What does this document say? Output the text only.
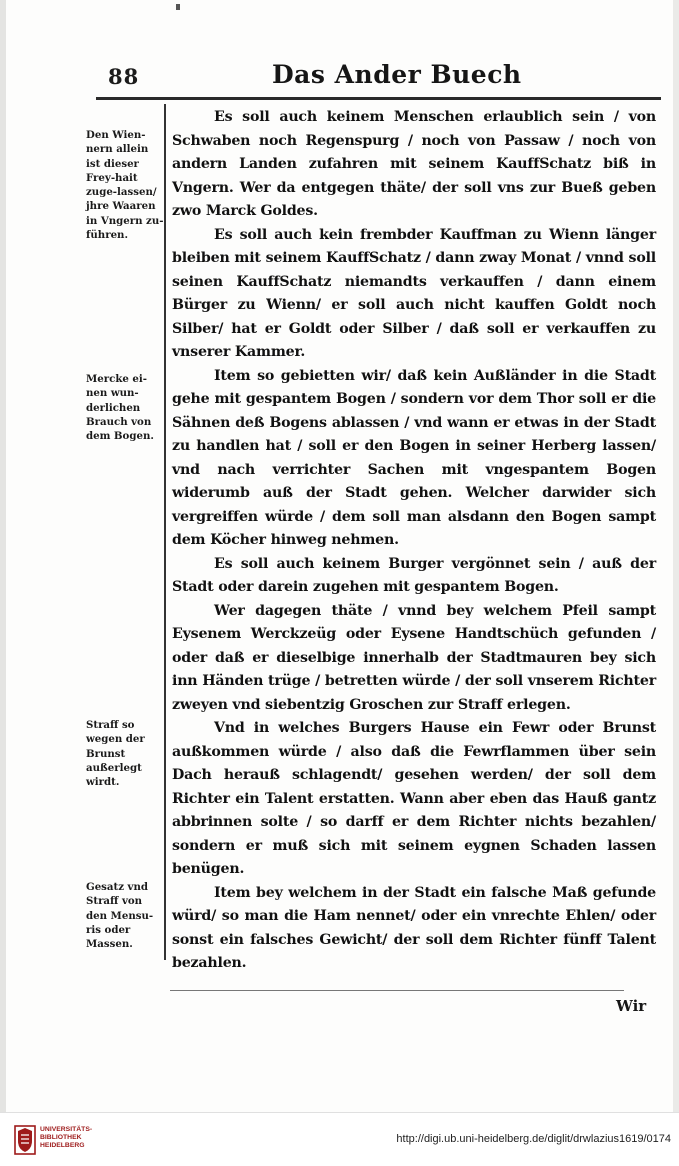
88	Das Ander Buech

Den Wien-nern allein ist dieser Frey-hait zuge-lassen/ jhre Waaren in Vngern zu-führen.

Mercke ei-nen wun-derlichen Brauch von dem Bogen.

Straff so wegen der Brunst außerlegt wirdt.

Gesatz vnd Straff von den Mensu-ris oder Massen.

Es soll auch keinem Menschen erlaublich sein / von Schwaben noch Regenspurg / noch von Passaw / noch von andern Landen zufahren mit seinem KauffSchatz biß in Vngern. Wer da entgegen thäte/ der soll vns zur Bueß geben zwo Marck Goldes.

Es soll auch kein frembder Kauffman zu Wienn länger bleiben mit seinem KauffSchatz / dann zway Monat / vnnd soll seinen KauffSchatz niemandts verkauffen / dann einem Bürger zu Wienn/ er soll auch nicht kauffen Goldt noch Silber/ hat er Goldt oder Silber / daß soll er verkauffen zu vnserer Kammer.

Item so gebietten wir/ daß kein Außländer in die Stadt gehe mit gespantem Bogen / sondern vor dem Thor soll er die Sähnen deß Bogens ablassen / vnd wann er etwas in der Stadt zu handlen hat / soll er den Bogen in seiner Herberg lassen/ vnd nach verrichter Sachen mit vngespantem Bogen widerumb auß der Stadt gehen. Welcher darwider sich vergreiffen würde / dem soll man alsdann den Bogen sampt dem Köcher hinweg nehmen.

Es soll auch keinem Burger vergönnet sein / auß der Stadt oder darein zugehen mit gespantem Bogen.

Wer dagegen thäte / vnnd bey welchem Pfeil sampt Eysenem Werckzeüg oder Eysene Handtschüch gefunden / oder daß er dieselbige innerhalb der Stadtmauren bey sich inn Händen trüge / betretten würde / der soll vnserem Richter zweyen vnd siebentzig Groschen zur Straff erlegen.

Vnd in welches Burgers Hause ein Fewr oder Brunst außkommen würde / also daß die Fewrflammen über sein Dach herauß schlagendt/ gesehen werden/ der soll dem Richter ein Talent erstatten. Wann aber eben das Hauß gantz abbrinnen solte / so darff er dem Richter nichts bezahlen/ sondern er muß sich mit seinem eygnen Schaden lassen benügen.

Item bey welchem in der Stadt ein falsche Maß gefunde würd/ so man die Ham nennet/ oder ein vnrechte Ehlen/ oder sonst ein falsches Gewicht/ der soll dem Richter fünff Talent bezahlen.

Wir

UNIVERSITÄTS-
BIBLIOTHEK
HEIDELBERG

http://digi.ub.uni-heidelberg.de/diglit/drwlazius1619/0174
